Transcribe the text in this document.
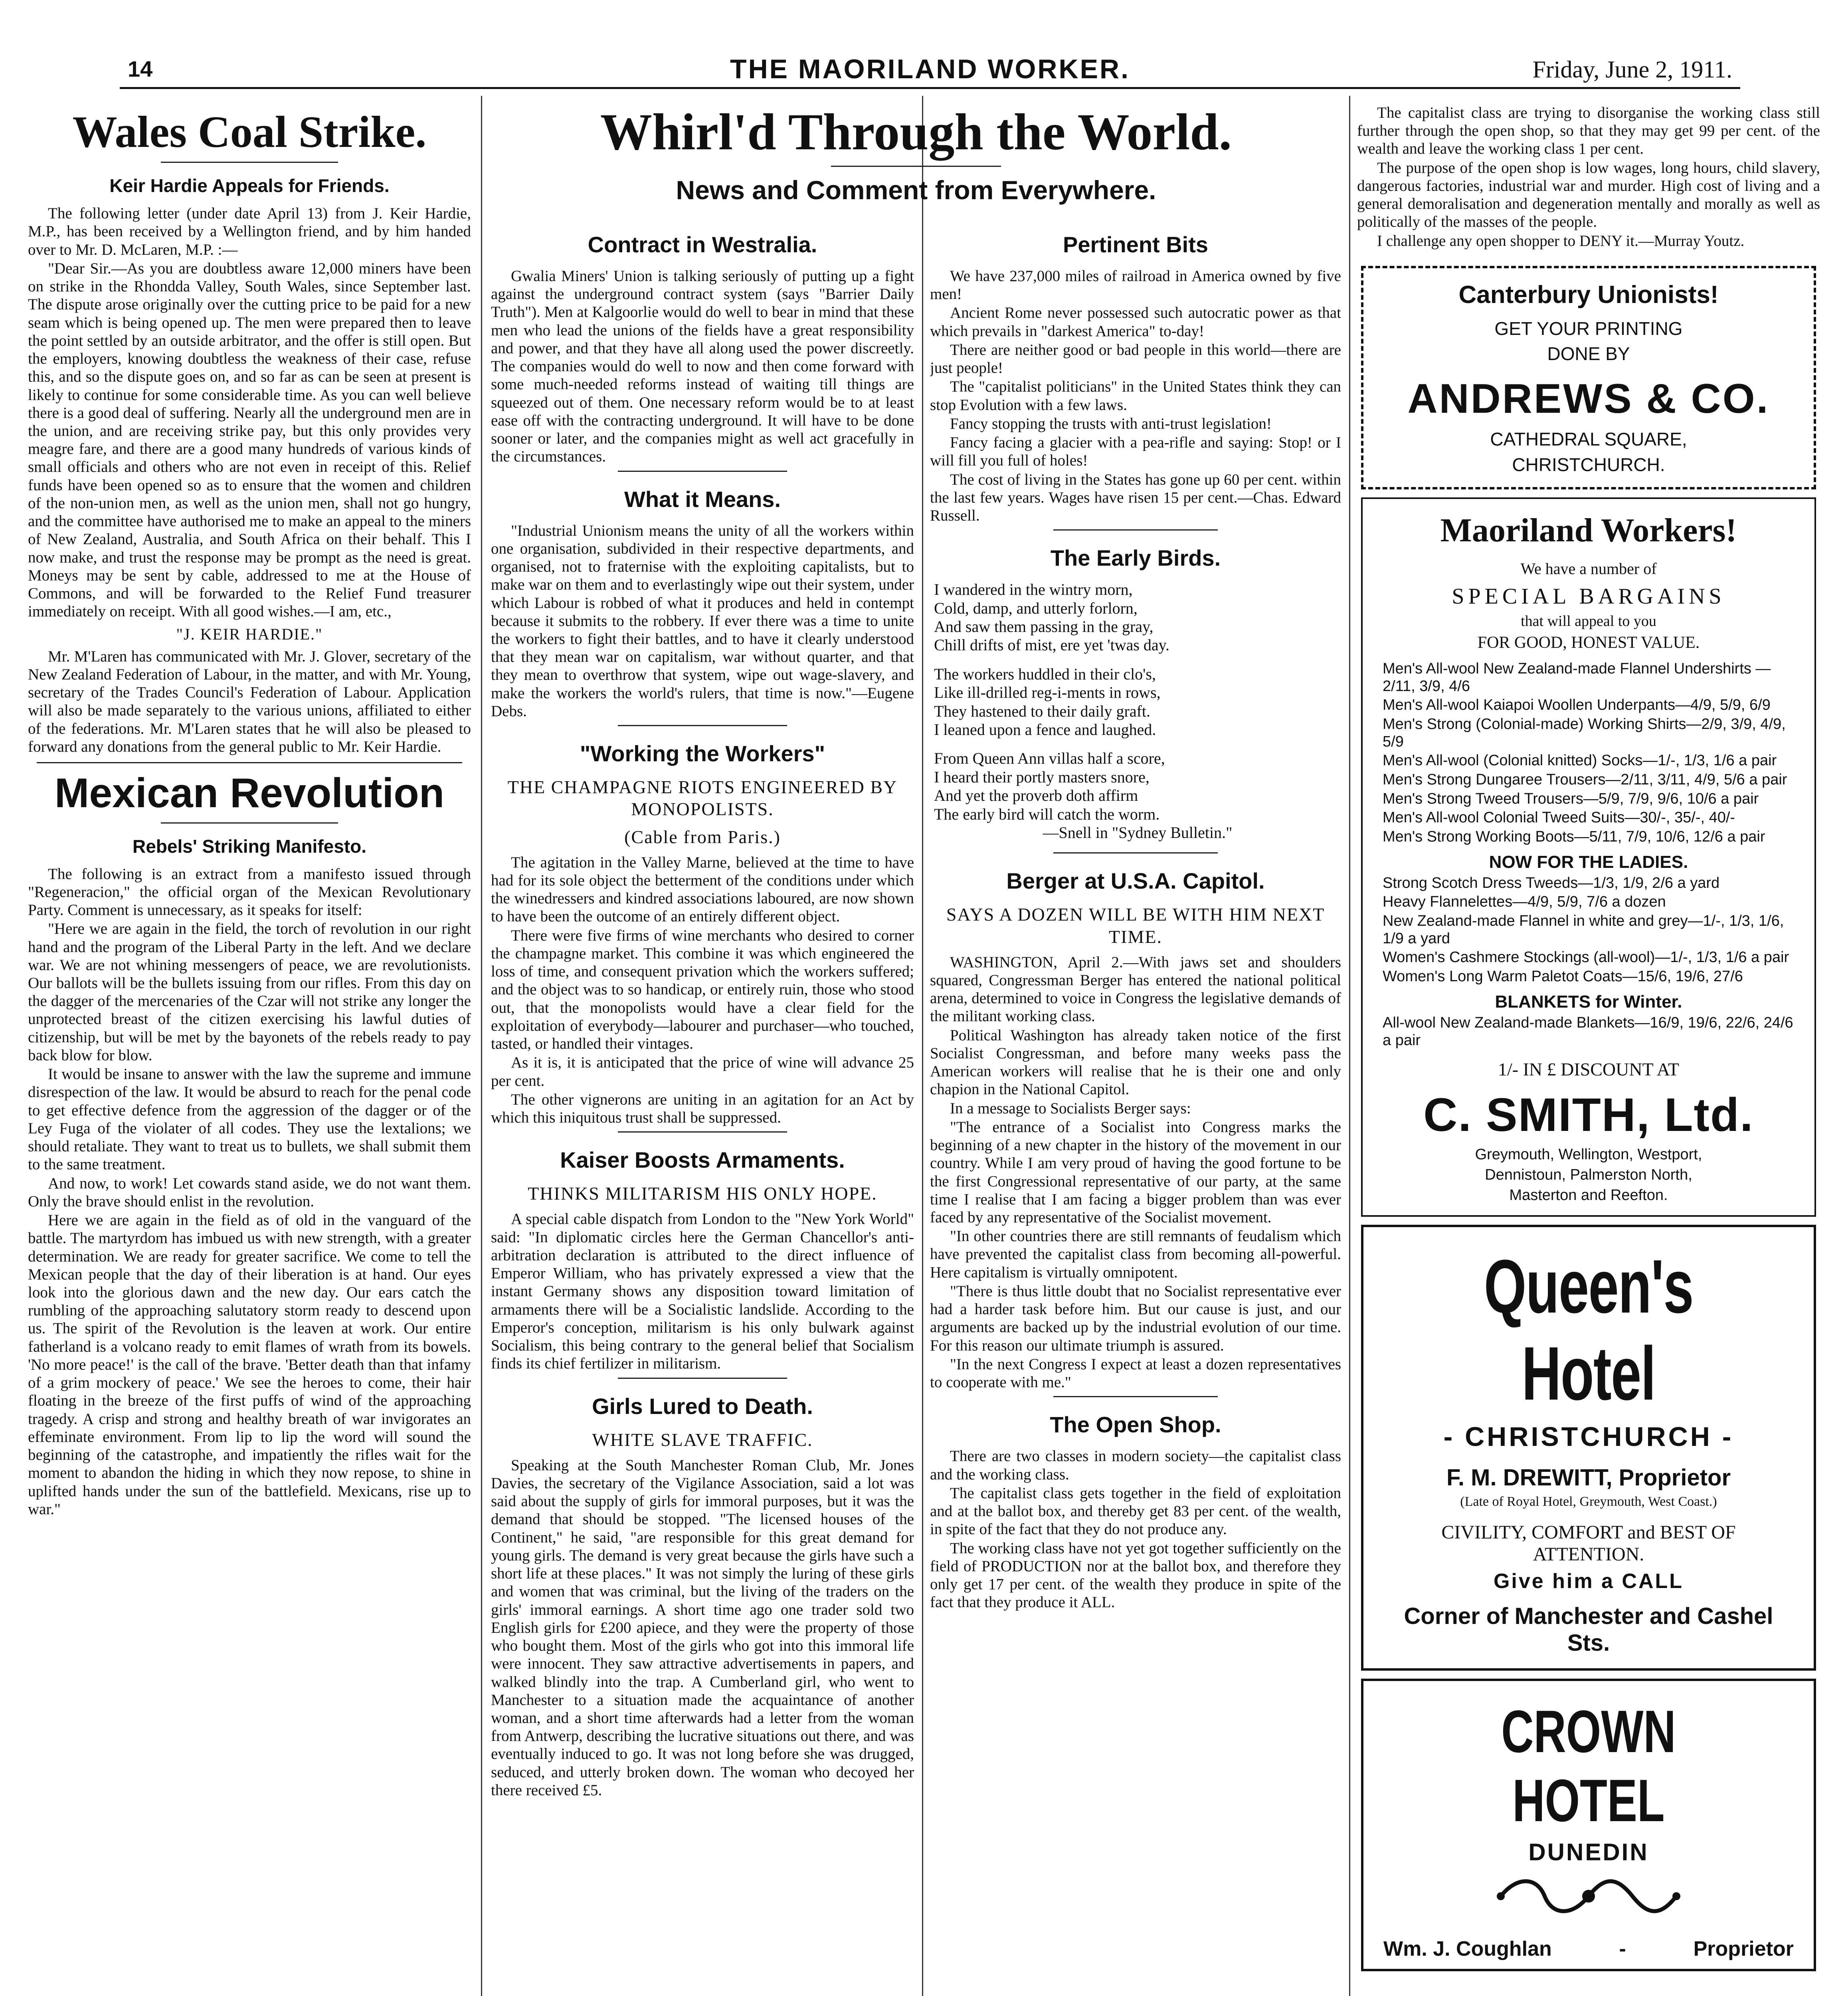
14	THE MAORILAND WORKER.	Friday, June 2, 1911.
Wales Coal Strike.
Keir Hardie Appeals for Friends.

The following letter (under date April 13) from J. Keir Hardie, M.P., has been received by a Wellington friend, and by him handed over to Mr. D. McLaren, M.P. :—

"Dear Sir.—As you are doubtless aware 12,000 miners have been on strike in the Rhondda Valley, South Wales, since September last. The dispute arose originally over the cutting price to be paid for a new seam which is being opened up. The men were prepared then to leave the point settled by an outside arbitrator, and the offer is still open. But the employers, knowing doubtless the weakness of their case, refuse this, and so the dispute goes on, and so far as can be seen at present is likely to continue for some considerable time. As you can well believe there is a good deal of suffering. Nearly all the underground men are in the union, and are receiving strike pay, but this only provides very meagre fare, and there are a good many hundreds of various kinds of small officials and others who are not even in receipt of this. Relief funds have been opened so as to ensure that the women and children of the non-union men, as well as the union men, shall not go hungry, and the committee have authorised me to make an appeal to the miners of New Zealand, Australia, and South Africa on their behalf. This I now make, and trust the response may be prompt as the need is great. Moneys may be sent by cable, addressed to me at the House of Commons, and will be forwarded to the Relief Fund treasurer immediately on receipt. With all good wishes.—I am, etc.,

"J. KEIR HARDIE."

Mr. M'Laren has communicated with Mr. J. Glover, secretary of the New Zealand Federation of Labour, in the matter, and with Mr. Young, secretary of the Trades Council's Federation of Labour. Application will also be made separately to the various unions, affiliated to either of the federations. Mr. M'Laren states that he will also be pleased to forward any donations from the general public to Mr. Keir Hardie.

Mexican Revolution
Rebels' Striking Manifesto.

The following is an extract from a manifesto issued through "Regeneracion," the official organ of the Mexican Revolutionary Party. Comment is unnecessary, as it speaks for itself:

"Here we are again in the field, the torch of revolution in our right hand and the program of the Liberal Party in the left. And we declare war. We are not whining messengers of peace, we are revolutionists. Our ballots will be the bullets issuing from our rifles. From this day on the dagger of the mercenaries of the Czar will not strike any longer the unprotected breast of the citizen exercising his lawful duties of citizenship, but will be met by the bayonets of the rebels ready to pay back blow for blow.

It would be insane to answer with the law the supreme and immune disrespection of the law. It would be absurd to reach for the penal code to get effective defence from the aggression of the dagger or of the Ley Fuga of the violater of all codes. They use the lextalions; we should retaliate. They want to treat us to bullets, we shall submit them to the same treatment.

And now, to work! Let cowards stand aside, we do not want them. Only the brave should enlist in the revolution.

Here we are again in the field as of old in the vanguard of the battle. The martyrdom has imbued us with new strength, with a greater determination. We are ready for greater sacrifice. We come to tell the Mexican people that the day of their liberation is at hand. Our eyes look into the glorious dawn and the new day. Our ears catch the rumbling of the approaching salutatory storm ready to descend upon us. The spirit of the Revolution is the leaven at work. Our entire fatherland is a volcano ready to emit flames of wrath from its bowels. 'No more peace!' is the call of the brave. 'Better death than that infamy of a grim mockery of peace.' We see the heroes to come, their hair floating in the breeze of the first puffs of wind of the approaching tragedy. A crisp and strong and healthy breath of war invigorates an effeminate environment. From lip to lip the word will sound the beginning of the catastrophe, and impatiently the rifles wait for the moment to abandon the hiding in which they now repose, to shine in uplifted hands under the sun of the battlefield. Mexicans, rise up to war."

Whirl'd Through the World.
News and Comment from Everywhere.
Contract in Westralia.

Gwalia Miners' Union is talking seriously of putting up a fight against the underground contract system (says "Barrier Daily Truth"). Men at Kalgoorlie would do well to bear in mind that these men who lead the unions of the fields have a great responsibility and power, and that they have all along used the power discreetly. The companies would do well to now and then come forward with some much-needed reforms instead of waiting till things are squeezed out of them. One necessary reform would be to at least ease off with the contracting underground. It will have to be done sooner or later, and the companies might as well act gracefully in the circumstances.

What it Means.

"Industrial Unionism means the unity of all the workers within one organisation, subdivided in their respective departments, and organised, not to fraternise with the exploiting capitalists, but to make war on them and to everlastingly wipe out their system, under which Labour is robbed of what it produces and held in contempt because it submits to the robbery. If ever there was a time to unite the workers to fight their battles, and to have it clearly understood that they mean war on capitalism, war without quarter, and that they mean to overthrow that system, wipe out wage-slavery, and make the workers the world's rulers, that time is now."—Eugene Debs.

"Working the Workers"
THE CHAMPAGNE RIOTS ENGINEERED BY MONOPOLISTS.
(Cable from Paris.)

The agitation in the Valley Marne, believed at the time to have had for its sole object the betterment of the conditions under which the winedressers and kindred associations laboured, are now shown to have been the outcome of an entirely different object.

There were five firms of wine merchants who desired to corner the champagne market. This combine it was which engineered the loss of time, and consequent privation which the workers suffered; and the object was to so handicap, or entirely ruin, those who stood out, that the monopolists would have a clear field for the exploitation of everybody—labourer and purchaser—who touched, tasted, or handled their vintages.

As it is, it is anticipated that the price of wine will advance 25 per cent.

The other vignerons are uniting in an agitation for an Act by which this iniquitous trust shall be suppressed.

Kaiser Boosts Armaments.
THINKS MILITARISM HIS ONLY HOPE.

A special cable dispatch from London to the "New York World" said: "In diplomatic circles here the German Chancellor's anti-arbitration declaration is attributed to the direct influence of Emperor William, who has privately expressed a view that the instant Germany shows any disposition toward limitation of armaments there will be a Socialistic landslide. According to the Emperor's conception, militarism is his only bulwark against Socialism, this being contrary to the general belief that Socialism finds its chief fertilizer in militarism.

Girls Lured to Death.
WHITE SLAVE TRAFFIC.

Speaking at the South Manchester Roman Club, Mr. Jones Davies, the secretary of the Vigilance Association, said a lot was said about the supply of girls for immoral purposes, but it was the demand that should be stopped. "The licensed houses of the Continent," he said, "are responsible for this great demand for young girls. The demand is very great because the girls have such a short life at these places." It was not simply the luring of these girls and women that was criminal, but the living of the traders on the girls' immoral earnings. A short time ago one trader sold two English girls for £200 apiece, and they were the property of those who bought them. Most of the girls who got into this immoral life were innocent. They saw attractive advertisements in papers, and walked blindly into the trap. A Cumberland girl, who went to Manchester to a situation made the acquaintance of another woman, and a short time afterwards had a letter from the woman from Antwerp, describing the lucrative situations out there, and was eventually induced to go. It was not long before she was drugged, seduced, and utterly broken down. The woman who decoyed her there received £5.

Pertinent Bits

We have 237,000 miles of railroad in America owned by five men!

Ancient Rome never possessed such autocratic power as that which prevails in "darkest America" to-day!

There are neither good or bad people in this world—there are just people!

The "capitalist politicians" in the United States think they can stop Evolution with a few laws.

Fancy stopping the trusts with anti-trust legislation!

Fancy facing a glacier with a pea-rifle and saying: Stop! or I will fill you full of holes!

The cost of living in the States has gone up 60 per cent. within the last few years. Wages have risen 15 per cent.—Chas. Edward Russell.

The Early Birds.

I wandered in the wintry morn,

Cold, damp, and utterly forlorn,

And saw them passing in the gray,

Chill drifts of mist, ere yet 'twas day.

The workers huddled in their clo's,

Like ill-drilled reg-i-ments in rows,

They hastened to their daily graft.

I leaned upon a fence and laughed.

From Queen Ann villas half a score,

I heard their portly masters snore,

And yet the proverb doth affirm

The early bird will catch the worm.

—Snell in "Sydney Bulletin."

Berger at U.S.A. Capitol.
SAYS A DOZEN WILL BE WITH HIM NEXT TIME.

WASHINGTON, April 2.—With jaws set and shoulders squared, Congressman Berger has entered the national political arena, determined to voice in Congress the legislative demands of the militant working class.

Political Washington has already taken notice of the first Socialist Congressman, and before many weeks pass the American workers will realise that he is their one and only chapion in the National Capitol.

In a message to Socialists Berger says:

"The entrance of a Socialist into Congress marks the beginning of a new chapter in the history of the movement in our country. While I am very proud of having the good fortune to be the first Congressional representative of our party, at the same time I realise that I am facing a bigger problem than was ever faced by any representative of the Socialist movement.

"In other countries there are still remnants of feudalism which have prevented the capitalist class from becoming all-powerful. Here capitalism is virtually omnipotent.

"There is thus little doubt that no Socialist representative ever had a harder task before him. But our cause is just, and our arguments are backed up by the industrial evolution of our time. For this reason our ultimate triumph is assured.

"In the next Congress I expect at least a dozen representatives to cooperate with me."

The Open Shop.

There are two classes in modern society—the capitalist class and the working class.

The capitalist class gets together in the field of exploitation and at the ballot box, and thereby get 83 per cent. of the wealth, in spite of the fact that they do not produce any.

The working class have not yet got together sufficiently on the field of PRODUCTION nor at the ballot box, and therefore they only get 17 per cent. of the wealth they produce in spite of the fact that they produce it ALL.

The capitalist class are trying to disorganise the working class still further through the open shop, so that they may get 99 per cent. of the wealth and leave the working class 1 per cent.

The purpose of the open shop is low wages, long hours, child slavery, dangerous factories, industrial war and murder. High cost of living and a general demoralisation and degeneration mentally and morally as well as politically of the masses of the people.

I challenge any open shopper to DENY it.—Murray Youtz.

Canterbury Unionists!
GET YOUR PRINTING
DONE BY
ANDREWS & CO.
CATHEDRAL SQUARE,
CHRISTCHURCH.
Maoriland Workers!
We have a number of
SPECIAL BARGAINS
that will appeal to you
FOR GOOD, HONEST VALUE.
Men's All-wool New Zealand-made Flannel Undershirts — 2/11, 3/9, 4/6
Men's All-wool Kaiapoi Woollen Underpants—4/9, 5/9, 6/9
Men's Strong (Colonial-made) Working Shirts—2/9, 3/9, 4/9, 5/9
Men's All-wool (Colonial knitted) Socks—1/-, 1/3, 1/6 a pair
Men's Strong Dungaree Trousers—2/11, 3/11, 4/9, 5/6 a pair
Men's Strong Tweed Trousers—5/9, 7/9, 9/6, 10/6 a pair
Men's All-wool Colonial Tweed Suits—30/-, 35/-, 40/-
Men's Strong Working Boots—5/11, 7/9, 10/6, 12/6 a pair
NOW FOR THE LADIES.
Strong Scotch Dress Tweeds—1/3, 1/9, 2/6 a yard
Heavy Flannelettes—4/9, 5/9, 7/6 a dozen
New Zealand-made Flannel in white and grey—1/-, 1/3, 1/6, 1/9 a yard
Women's Cashmere Stockings (all-wool)—1/-, 1/3, 1/6 a pair
Women's Long Warm Paletot Coats—15/6, 19/6, 27/6
BLANKETS for Winter.
All-wool New Zealand-made Blankets—16/9, 19/6, 22/6, 24/6 a pair
1/- IN £ DISCOUNT AT
C. SMITH, Ltd.
Greymouth, Wellington, Westport,
Dennistoun, Palmerston North,
Masterton and Reefton.
Queen's Hotel
- CHRISTCHURCH -
F. M. DREWITT, Proprietor
(Late of Royal Hotel, Greymouth, West Coast.)
CIVILITY, COMFORT and BEST OF ATTENTION.
Give him a CALL
Corner of Manchester and Cashel Sts.
CROWN HOTEL
DUNEDIN
Wm. J. Coughlan	-	Proprietor
